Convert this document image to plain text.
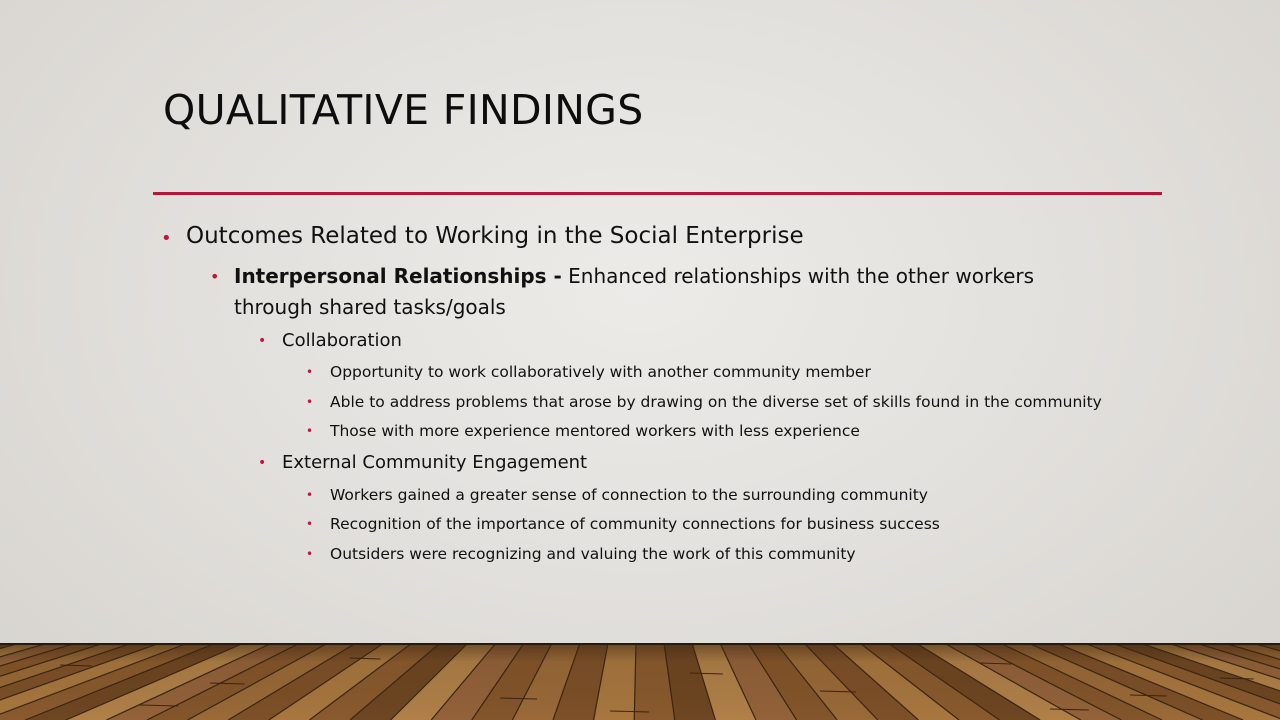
QUALITATIVE FINDINGS
• Outcomes Related to Working in the Social Enterprise
• Interpersonal Relationships - Enhanced relationships with the other workers through shared tasks/goals
• Collaboration
• Opportunity to work collaboratively with another community member
• Able to address problems that arose by drawing on the diverse set of skills found in the community
• Those with more experience mentored workers with less experience
• External Community Engagement
• Workers gained a greater sense of connection to the surrounding community
• Recognition of the importance of community connections for business success
• Outsiders were recognizing and valuing the work of this community
